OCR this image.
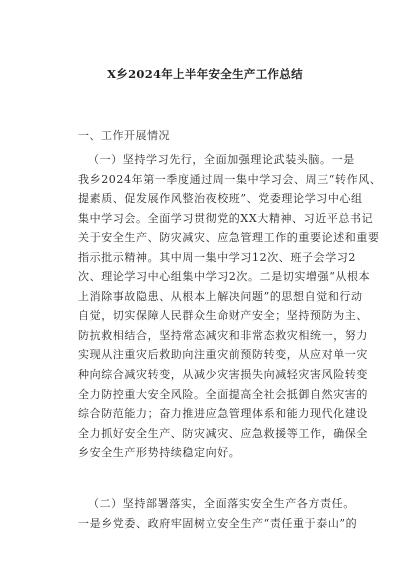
X乡2024年上半年安全生产工作总结
一、工作开展情况
（一）坚持学习先行，全面加强理论武装头脑。一是
我乡2024年第一季度通过周一集中学习会、周三“转作风、
提素质、促发展作风整治夜校班”、党委理论学习中心组
集中学习会。全面学习贯彻党的XX大精神、习近平总书记
关于安全生产、防灾减灾、应急管理工作的重要论述和重要
指示批示精神。其中周一集中学习12次、班子会学习2
次、理论学习中心组集中学习2次。二是切实增强“从根本
上消除事故隐患、从根本上解决问题”的思想自觉和行动
自觉，切实保障人民群众生命财产安全；坚持预防为主、
防抗救相结合，坚持常态减灾和非常态救灾相统一，努力
实现从注重灾后救助向注重灾前预防转变，从应对单一灾
种向综合减灾转变，从减少灾害损失向减轻灾害风险转变
全力防控重大安全风险。全面提高全社会抵御自然灾害的
综合防范能力；奋力推进应急管理体系和能力现代化建设
全力抓好安全生产、防灾减灾、应急救援等工作，确保全
乡安全生产形势持续稳定向好。
（二）坚持部署落实，全面落实安全生产各方责任。
一是乡党委、政府牢固树立安全生产“责任重于泰山”的
